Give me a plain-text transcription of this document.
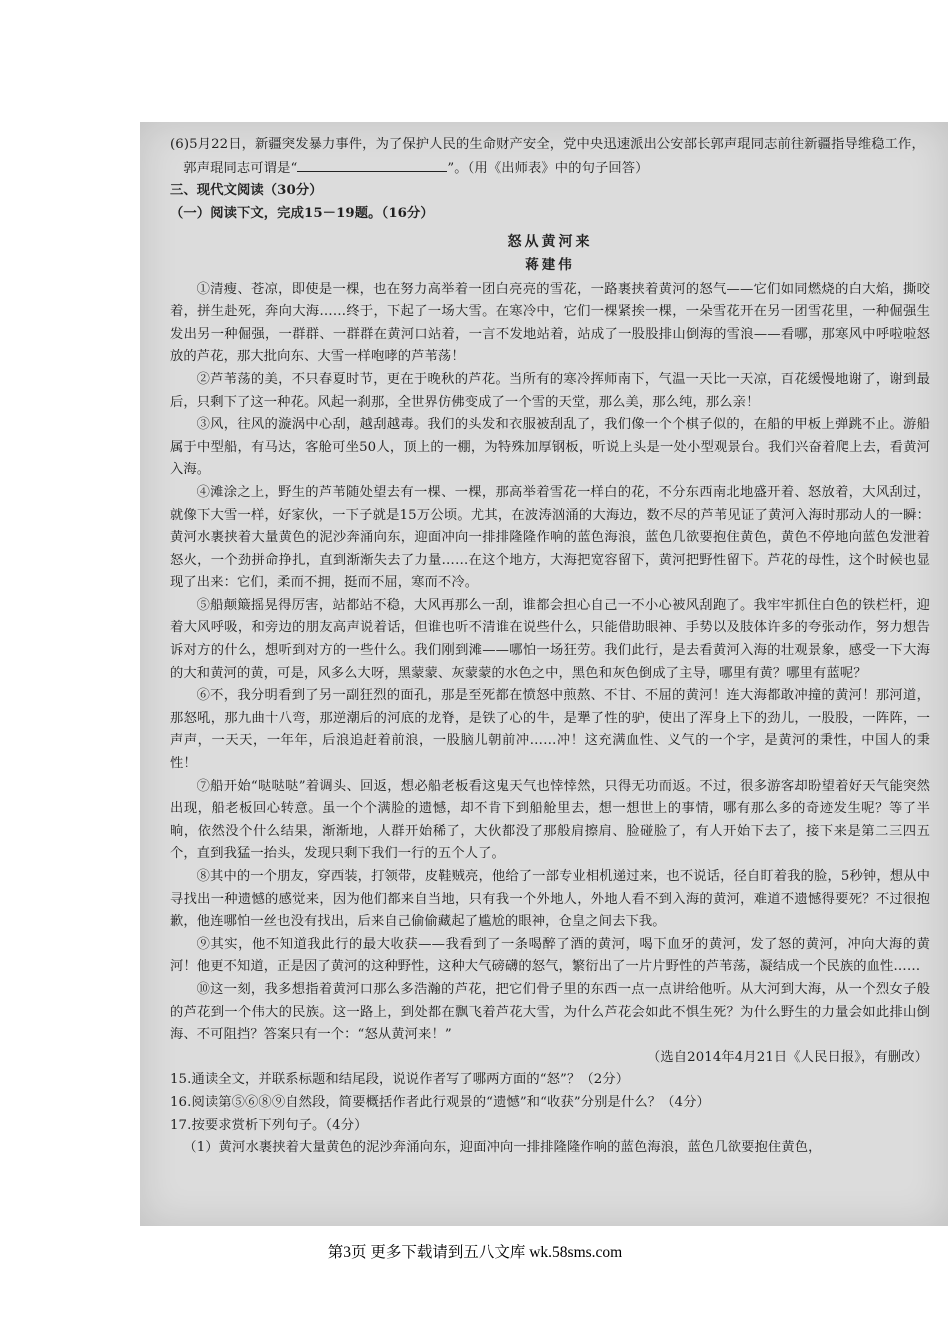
(6)5月22日，新疆突发暴力事件，为了保护人民的生命财产安全，党中央迅速派出公安部长郭声琨同志前往新疆指导维稳工作，郭声琨同志可谓是“	”。（用《出师表》中的句子回答）

三、现代文阅读（30分）

（一）阅读下文，完成15－19题。（16分）

怒从黄河来

蒋建伟

①清瘦、苍凉，即使是一棵，也在努力高举着一团白亮亮的雪花，一路裹挟着黄河的怒气——它们如同燃烧的白大焰，撕咬着，拼生赴死，奔向大海……终于，下起了一场大雪。在寒冷中，它们一棵紧挨一棵，一朵雪花开在另一团雪花里，一种倔强生发出另一种倔强，一群群、一群群在黄河口站着，一言不发地站着，站成了一股股排山倒海的雪浪——看哪，那寒风中呼啦啦怒放的芦花，那大批向东、大雪一样咆哮的芦苇荡！

②芦苇荡的美，不只春夏时节，更在于晚秋的芦花。当所有的寒冷挥师南下，气温一天比一天凉，百花缓慢地谢了，谢到最后，只剩下了这一种花。风起一刹那，全世界仿佛变成了一个雪的天堂，那么美，那么纯，那么亲！

③风，往风的漩涡中心刮，越刮越毒。我们的头发和衣服被刮乱了，我们像一个个棋子似的，在船的甲板上弹跳不止。游船属于中型船，有马达，客舱可坐50人，顶上的一棚，为特殊加厚钢板，听说上头是一处小型观景台。我们兴奋着爬上去，看黄河入海。

④滩涂之上，野生的芦苇随处望去有一棵、一棵，那高举着雪花一样白的花，不分东西南北地盛开着、怒放着，大风刮过，就像下大雪一样，好家伙，一下子就是15万公顷。尤其，在波涛汹涌的大海边，数不尽的芦苇见证了黄河入海时那动人的一瞬：黄河水裹挟着大量黄色的泥沙奔涌向东，迎面冲向一排排隆隆作响的蓝色海浪，蓝色几欲要抱住黄色，黄色不停地向蓝色发泄着怒火，一个劲拼命挣扎，直到渐渐失去了力量……在这个地方，大海把宽容留下，黄河把野性留下。芦花的母性，这个时候也显现了出来：它们，柔而不拥，挺而不屈，寒而不冷。

⑤船颠簸摇晃得厉害，站都站不稳，大风再那么一刮，谁都会担心自己一不小心被风刮跑了。我牢牢抓住白色的铁栏杆，迎着大风呼吸，和旁边的朋友高声说着话，但谁也听不清谁在说些什么，只能借助眼神、手势以及肢体许多的夸张动作，努力想告诉对方的什么，想听到对方的一些什么。我们刚到滩——哪怕一场狂劳。我们此行，是去看黄河入海的壮观景象，感受一下大海的大和黄河的黄，可是，风多么大呀，黑蒙蒙、灰蒙蒙的水色之中，黑色和灰色倒成了主导，哪里有黄？哪里有蓝呢？

⑥不，我分明看到了另一副狂烈的面孔，那是至死都在愤怒中煎熬、不甘、不屈的黄河！连大海都敢冲撞的黄河！那河道，那怒吼，那九曲十八弯，那逆潮后的河底的龙脊，是铁了心的牛，是犟了性的驴，使出了浑身上下的劲儿，一股股，一阵阵，一声声，一天天，一年年，后浪追赶着前浪，一股脑儿朝前冲……冲！这充满血性、义气的一个字，是黄河的秉性，中国人的秉性！

⑦船开始“哒哒哒”着调头、回返，想必船老板看这鬼天气也悻悻然，只得无功而返。不过，很多游客却盼望着好天气能突然出现，船老板回心转意。虽一个个满脸的遗憾，却不肯下到船舱里去，想一想世上的事情，哪有那么多的奇迹发生呢？等了半晌，依然没个什么结果，渐渐地，人群开始稀了，大伙都没了那般肩擦肩、脸碰脸了，有人开始下去了，接下来是第二三四五个，直到我猛一抬头，发现只剩下我们一行的五个人了。

⑧其中的一个朋友，穿西装，打领带，皮鞋贼亮，他给了一部专业相机递过来，也不说话，径自盯着我的脸，5秒钟，想从中寻找出一种遗憾的感觉来，因为他们都来自当地，只有我一个外地人，外地人看不到入海的黄河，难道不遗憾得要死？不过很抱歉，他连哪怕一丝也没有找出，后来自己偷偷藏起了尴尬的眼神，仓皇之间去下我。

⑨其实，他不知道我此行的最大收获——我看到了一条喝醉了酒的黄河，喝下血牙的黄河，发了怒的黄河，冲向大海的黄河！他更不知道，正是因了黄河的这种野性，这种大气磅礴的怒气，繁衍出了一片片野性的芦苇荡，凝结成一个民族的血性……

⑩这一刻，我多想指着黄河口那么多浩瀚的芦花，把它们骨子里的东西一点一点讲给他听。从大河到大海，从一个烈女子般的芦花到一个伟大的民族。这一路上，到处都在飘飞着芦花大雪，为什么芦花会如此不惧生死？为什么野生的力量会如此排山倒海、不可阻挡？答案只有一个：“怒从黄河来！”

（选自2014年4月21日《人民日报》，有删改）

15.通读全文，并联系标题和结尾段，说说作者写了哪两方面的“怒”？（2分）

16.阅读第⑤⑥⑧⑨自然段，简要概括作者此行观景的“遗憾”和“收获”分别是什么？（4分）

17.按要求赏析下列句子。（4分）

（1）黄河水裹挟着大量黄色的泥沙奔涌向东，迎面冲向一排排隆隆作响的蓝色海浪，蓝色几欲要抱住黄色，

第3页 更多下载请到五八文库 wk.58sms.com
